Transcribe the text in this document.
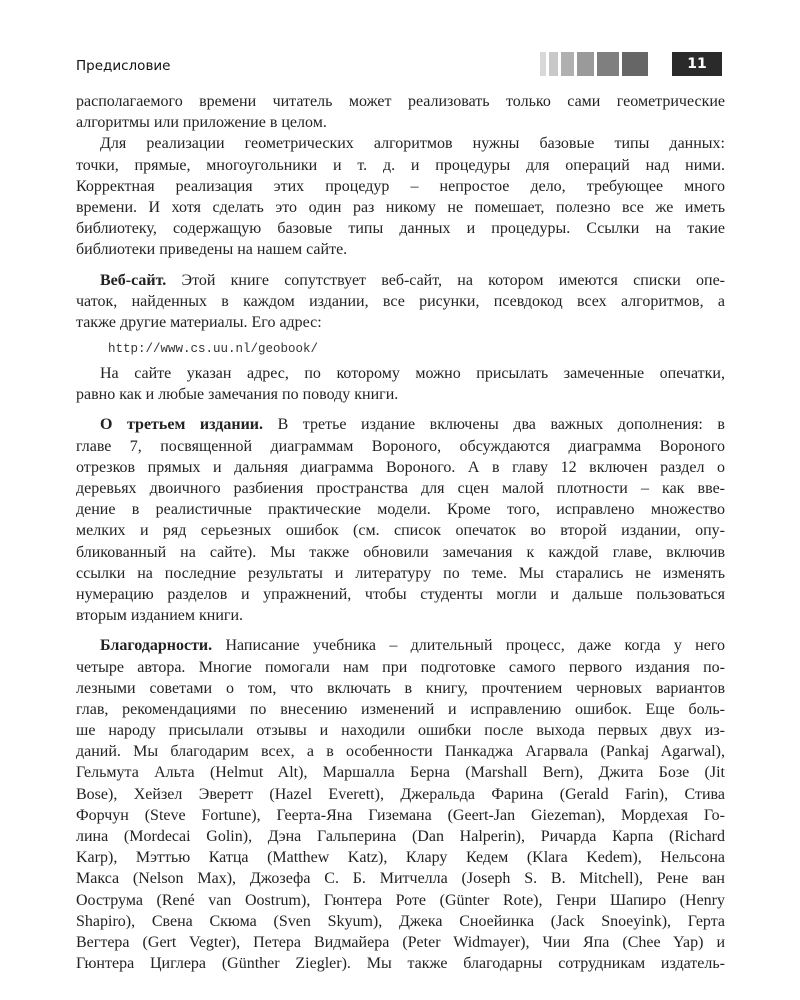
Предисловие	11
располагаемого времени читатель может реализовать только сами геометрические
алгоритмы или приложение в целом.
Для реализации геометрических алгоритмов нужны базовые типы данных:
точки, прямые, многоугольники и т. д. и процедуры для операций над ними.
Корректная реализация этих процедур – непростое дело, требующее много
времени. И хотя сделать это один раз никому не помешает, полезно все же иметь
библиотеку, содержащую базовые типы данных и процедуры. Ссылки на такие
библиотеки приведены на нашем сайте.
Веб-сайт. Этой книге сопутствует веб-сайт, на котором имеются списки опе-
чаток, найденных в каждом издании, все рисунки, псевдокод всех алгоритмов, а
также другие материалы. Его адрес:
http://www.cs.uu.nl/geobook/
На сайте указан адрес, по которому можно присылать замеченные опечатки,
равно как и любые замечания по поводу книги.
О третьем издании. В третье издание включены два важных дополнения: в
главе 7, посвященной диаграммам Вороного, обсуждаются диаграмма Вороного
отрезков прямых и дальняя диаграмма Вороного. А в главу 12 включен раздел о
деревьях двоичного разбиения пространства для сцен малой плотности – как вве-
дение в реалистичные практические модели. Кроме того, исправлено множество
мелких и ряд серьезных ошибок (см. список опечаток во второй издании, опу-
бликованный на сайте). Мы также обновили замечания к каждой главе, включив
ссылки на последние результаты и литературу по теме. Мы старались не изменять
нумерацию разделов и упражнений, чтобы студенты могли и дальше пользоваться
вторым изданием книги.
Благодарности. Написание учебника – длительный процесс, даже когда у него
четыре автора. Многие помогали нам при подготовке самого первого издания по-
лезными советами о том, что включать в книгу, прочтением черновых вариантов
глав, рекомендациями по внесению изменений и исправлению ошибок. Еще боль-
ше народу присылали отзывы и находили ошибки после выхода первых двух из-
даний. Мы благодарим всех, а в особенности Панкаджа Агарвала (Pankaj Agarwal),
Гельмута Альта (Helmut Alt), Маршалла Берна (Marshall Bern), Джита Бозе (Jit
Bose), Хейзел Эверетт (Hazel Everett), Джеральда Фарина (Gerald Farin), Стива
Форчун (Steve Fortune), Геерта-Яна Гиземана (Geert-Jan Giezeman), Мордехая Го-
лина (Mordecai Golin), Дэна Гальперина (Dan Halperin), Ричарда Карпа (Richard
Karp), Мэттью Катца (Matthew Katz), Клару Кедем (Klara Kedem), Нельсона
Макса (Nelson Max), Джозефа С. Б. Митчелла (Joseph S. B. Mitchell), Рене ван
Оострума (René van Oostrum), Гюнтера Роте (Günter Rote), Генри Шапиро (Henry
Shapiro), Свена Скюма (Sven Skyum), Джека Сноейинка (Jack Snoeyink), Герта
Вегтера (Gert Vegter), Петера Видмайера (Peter Widmayer), Чии Япа (Chee Yap) и
Гюнтера Циглера (Günther Ziegler). Мы также благодарны сотрудникам издатель-
